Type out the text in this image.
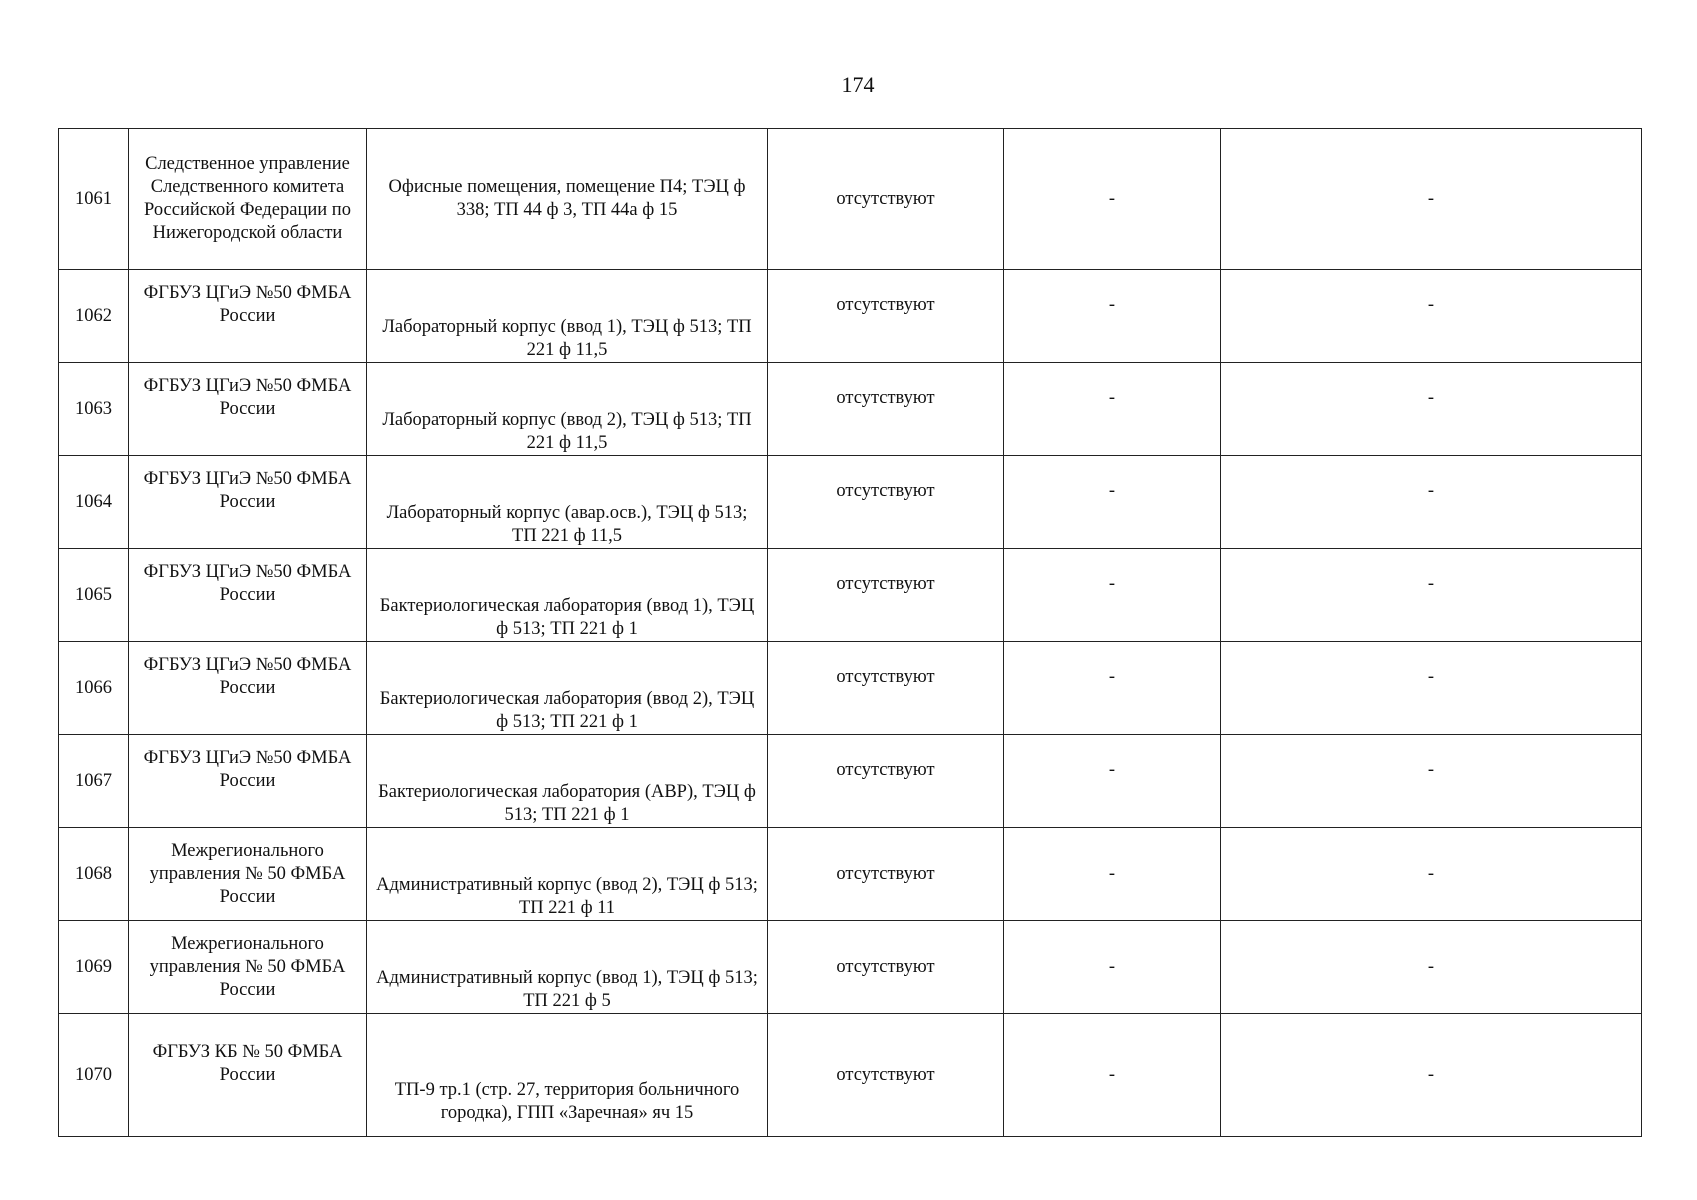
174
1061	Следственное управление Следственного комитета Российской Федерации по Нижегородской области	Офисные помещения, помещение П4; ТЭЦ ф 338; ТП 44 ф 3, ТП 44а ф 15	отсутствуют	-	-
1062	ФГБУЗ ЦГиЭ №50 ФМБА России	Лабораторный корпус (ввод 1), ТЭЦ ф 513; ТП 221 ф 11,5	отсутствуют	-	-

1063	ФГБУЗ ЦГиЭ №50 ФМБА России	Лабораторный корпус (ввод 2), ТЭЦ ф 513; ТП 221 ф 11,5	отсутствуют	-	-

1064	ФГБУЗ ЦГиЭ №50 ФМБА России	Лабораторный корпус (авар.осв.), ТЭЦ ф 513; ТП 221 ф 11,5	отсутствуют	-	-

1065	ФГБУЗ ЦГиЭ №50 ФМБА России	Бактериологическая лаборатория (ввод 1), ТЭЦ ф 513; ТП 221 ф 1	отсутствуют	-	-

1066	ФГБУЗ ЦГиЭ №50 ФМБА России	Бактериологическая лаборатория (ввод 2), ТЭЦ ф 513; ТП 221 ф 1	отсутствуют	-	-

1067	ФГБУЗ ЦГиЭ №50 ФМБА России	Бактериологическая лаборатория (АВР), ТЭЦ ф 513; ТП 221 ф 1	отсутствуют	-	-

1068	Межрегионального управления № 50 ФМБА России	Административный корпус (ввод 2), ТЭЦ ф 513; ТП 221 ф 11	отсутствуют	-	-
1069	Межрегионального управления № 50 ФМБА России	Административный корпус (ввод 1), ТЭЦ ф 513; ТП 221 ф 5	отсутствуют	-	-
1070	ФГБУЗ КБ № 50 ФМБА России	ТП-9 тр.1 (стр. 27, территория больничного городка), ГПП «Заречная» яч 15	отсутствуют	-	-
